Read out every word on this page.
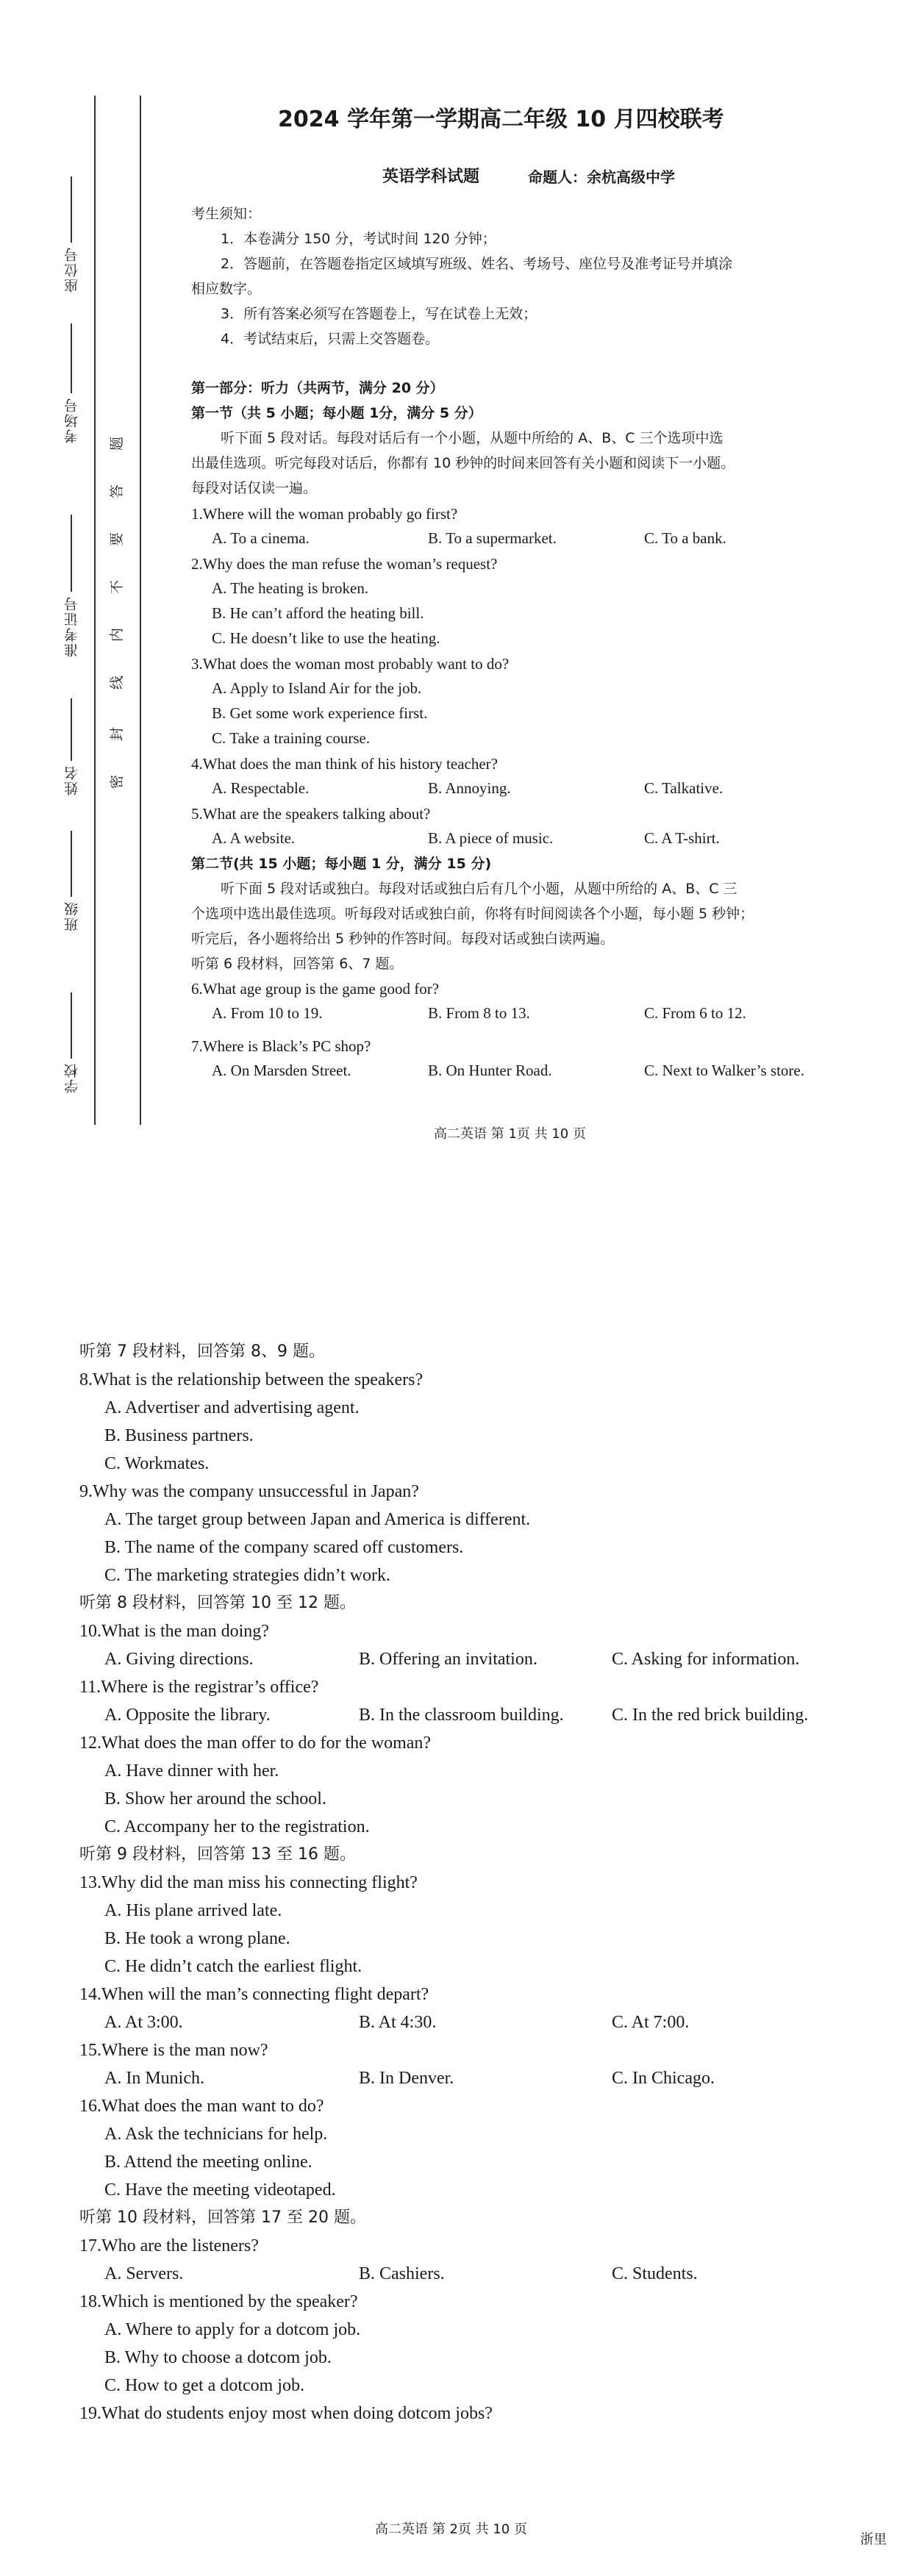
座位号
考场号
准考证号
姓名
班级
学校
题
答
要
不
内
线
封
密
2024 学年第一学期高二年级 10 月四校联考
英语学科试题	命题人：余杭高级中学
考生须知：
1．本卷满分 150 分，考试时间 120 分钟；
2．答题前，在答题卷指定区域填写班级、姓名、考场号、座位号及准考证号并填涂
相应数字。
3．所有答案必须写在答题卷上，写在试卷上无效；
4．考试结束后，只需上交答题卷。
第一部分：听力（共两节，满分 20 分）
第一节（共 5 小题；每小题 1分，满分 5 分）
听下面 5 段对话。每段对话后有一个小题，从题中所给的 A、B、C 三个选项中选
出最佳选项。听完每段对话后，你都有 10 秒钟的时间来回答有关小题和阅读下一小题。
每段对话仅读一遍。
1.Where will the woman probably go first?
A. To a cinema.	B. To a supermarket.	C. To a bank.
2.Why does the man refuse the woman’s request?
A. The heating is broken.
B. He can’t afford the heating bill.
C. He doesn’t like to use the heating.
3.What does the woman most probably want to do?
A. Apply to Island Air for the job.
B. Get some work experience first.
C. Take a training course.
4.What does the man think of his history teacher?
A. Respectable.	B. Annoying.	C. Talkative.
5.What are the speakers talking about?
A. A website.	B. A piece of music.	C. A T-shirt.
第二节(共 15 小题；每小题 1 分，满分 15 分)
听下面 5 段对话或独白。每段对话或独白后有几个小题，从题中所给的 A、B、C 三
个选项中选出最佳选项。听每段对话或独白前，你将有时间阅读各个小题，每小题 5 秒钟；
听完后，各小题将给出 5 秒钟的作答时间。每段对话或独白读两遍。
听第 6 段材料，回答第 6、7 题。
6.What age group is the game good for?
A. From 10 to 19.	B. From 8 to 13.	C. From 6 to 12.
7.Where is Black’s PC shop?
A. On Marsden Street.	B. On Hunter Road.	C. Next to Walker’s store.
高二英语 第 1页 共 10 页
听第 7 段材料，回答第 8、9 题。
8.What is the relationship between the speakers?
A. Advertiser and advertising agent.
B. Business partners.
C. Workmates.
9.Why was the company unsuccessful in Japan?
A. The target group between Japan and America is different.
B. The name of the company scared off customers.
C. The marketing strategies didn’t work.
听第 8 段材料，回答第 10 至 12 题。
10.What is the man doing?
A. Giving directions.	B. Offering an invitation.	C. Asking for information.
11.Where is the registrar’s office?
A. Opposite the library.	B. In the classroom building.	C. In the red brick building.
12.What does the man offer to do for the woman?
A. Have dinner with her.
B. Show her around the school.
C. Accompany her to the registration.
听第 9 段材料，回答第 13 至 16 题。
13.Why did the man miss his connecting flight?
A. His plane arrived late.
B. He took a wrong plane.
C. He didn’t catch the earliest flight.
14.When will the man’s connecting flight depart?
A. At 3:00.	B. At 4:30.	C. At 7:00.
15.Where is the man now?
A. In Munich.	B. In Denver.	C. In Chicago.
16.What does the man want to do?
A. Ask the technicians for help.
B. Attend the meeting online.
C. Have the meeting videotaped.
听第 10 段材料，回答第 17 至 20 题。
17.Who are the listeners?
A. Servers.	B. Cashiers.	C. Students.
18.Which is mentioned by the speaker?
A. Where to apply for a dotcom job.
B. Why to choose a dotcom job.
C. How to get a dotcom job.
19.What do students enjoy most when doing dotcom jobs?
高二英语 第 2页 共 10 页
浙里
